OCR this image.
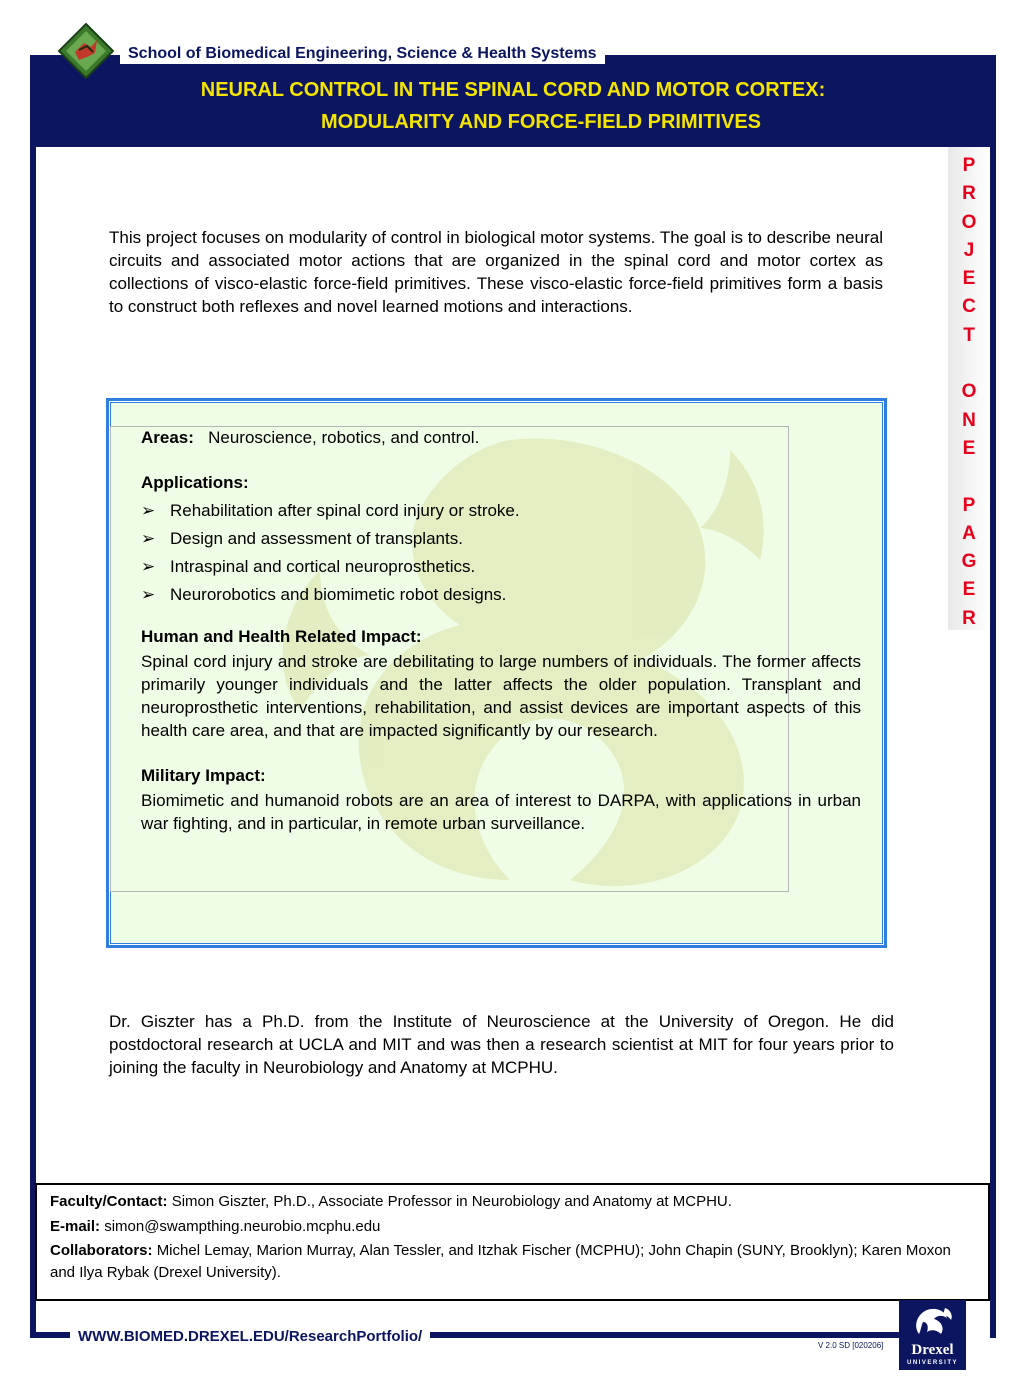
School of Biomedical Engineering, Science & Health Systems
NEURAL CONTROL IN THE SPINAL CORD AND MOTOR CORTEX:
MODULARITY AND FORCE-FIELD PRIMITIVES
P
R
O
J
E
C
T

O
N
E

P
A
G
E
R
This project focuses on modularity of control in biological motor systems. The goal is to describe neural circuits and associated motor actions that are organized in the spinal cord and motor cortex as collections of visco-elastic force-field primitives. These visco-elastic force-field primitives form a basis to construct both reflexes and novel learned motions and interactions.
Areas: Neuroscience, robotics, and control.
Applications:
➢ Rehabilitation after spinal cord injury or stroke.
➢ Design and assessment of transplants.
➢ Intraspinal and cortical neuroprosthetics.
➢ Neurorobotics and biomimetic robot designs.
Human and Health Related Impact:
Spinal cord injury and stroke are debilitating to large numbers of individuals. The former affects primarily younger individuals and the latter affects the older population. Transplant and neuroprosthetic interventions, rehabilitation, and assist devices are important aspects of this health care area, and that are impacted significantly by our research.
Military Impact:
Biomimetic and humanoid robots are an area of interest to DARPA, with applications in urban war fighting, and in particular, in remote urban surveillance.
Dr. Giszter has a Ph.D. from the Institute of Neuroscience at the University of Oregon. He did postdoctoral research at UCLA and MIT and was then a research scientist at MIT for four years prior to joining the faculty in Neurobiology and Anatomy at MCPHU.

Faculty/Contact: Simon Giszter, Ph.D., Associate Professor in Neurobiology and Anatomy at MCPHU.

E-mail: simon@swampthing.neurobio.mcphu.edu

Collaborators: Michel Lemay, Marion Murray, Alan Tessler, and Itzhak Fischer (MCPHU); John Chapin (SUNY, Brooklyn); Karen Moxon and Ilya Rybak (Drexel University).

WWW.BIOMED.DREXEL.EDU/ResearchPortfolio/
V 2.0 SD [020206]	Drexel
UNIVERSITY
